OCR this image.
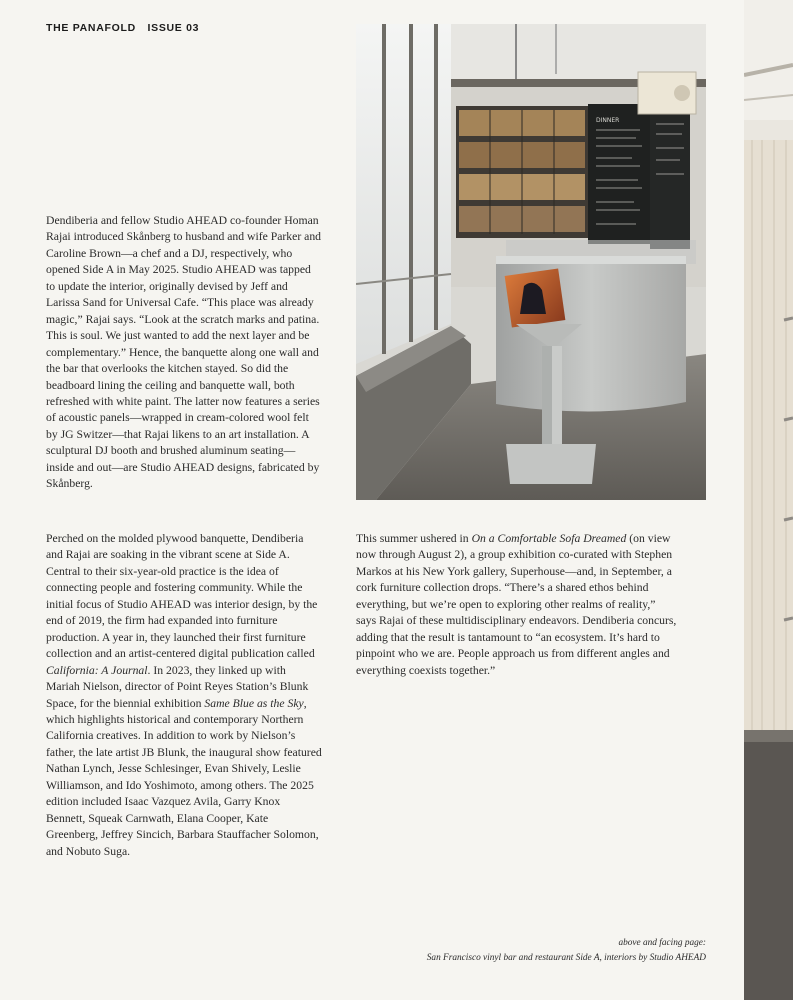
THE PANAFOLD ISSUE 03

Dendiberia and fellow Studio AHEAD co-founder Homan Rajai introduced Skånberg to husband and wife Parker and Caroline Brown—a chef and a DJ, respectively, who opened Side A in May 2025. Studio AHEAD was tapped to update the interior, originally devised by Jeff and Larissa Sand for Universal Cafe. “This place was already magic,” Rajai says. “Look at the scratch marks and patina. This is soul. We just wanted to add the next layer and be complementary.” Hence, the banquette along one wall and the bar that overlooks the kitchen stayed. So did the beadboard lining the ceiling and banquette wall, both refreshed with white paint. The latter now features a series of acoustic panels—wrapped in cream-colored wool felt by JG Switzer—that Rajai likens to an art installation. A sculptural DJ booth and brushed aluminum seating—inside and out—are Studio AHEAD designs, fabricated by Skånberg.

Perched on the molded plywood banquette, Dendiberia and Rajai are soaking in the vibrant scene at Side A. Central to their six-year-old practice is the idea of connecting people and fostering community. While the initial focus of Studio AHEAD was interior design, by the end of 2019, the firm had expanded into furniture production. A year in, they launched their first furniture collection and an artist-centered digital publication called California: A Journal. In 2023, they linked up with Mariah Nielson, director of Point Reyes Station’s Blunk Space, for the biennial exhibition Same Blue as the Sky, which highlights historical and contemporary Northern California creatives. In addition to work by Nielson’s father, the late artist JB Blunk, the inaugural show featured Nathan Lynch, Jesse Schlesinger, Evan Shively, Leslie Williamson, and Ido Yoshimoto, among others. The 2025 edition included Isaac Vazquez Avila, Garry Knox Bennett, Squeak Carnwath, Elana Cooper, Kate Greenberg, Jeffrey Sincich, Barbara Stauffacher Solomon, and Nobuto Suga.

This summer ushered in On a Comfortable Sofa Dreamed (on view now through August 2), a group exhibition co-curated with Stephen Markos at his New York gallery, Superhouse—and, in September, a cork furniture collection drops. “There’s a shared ethos behind everything, but we’re open to exploring other realms of reality,” says Rajai of these multidisciplinary endeavors. Dendiberia concurs, adding that the result is tantamount to “an ecosystem. It’s hard to pinpoint who we are. People approach us from different angles and everything coexists together.”

DINNER
above and facing page:
San Francisco vinyl bar and restaurant Side A, interiors by Studio AHEAD
